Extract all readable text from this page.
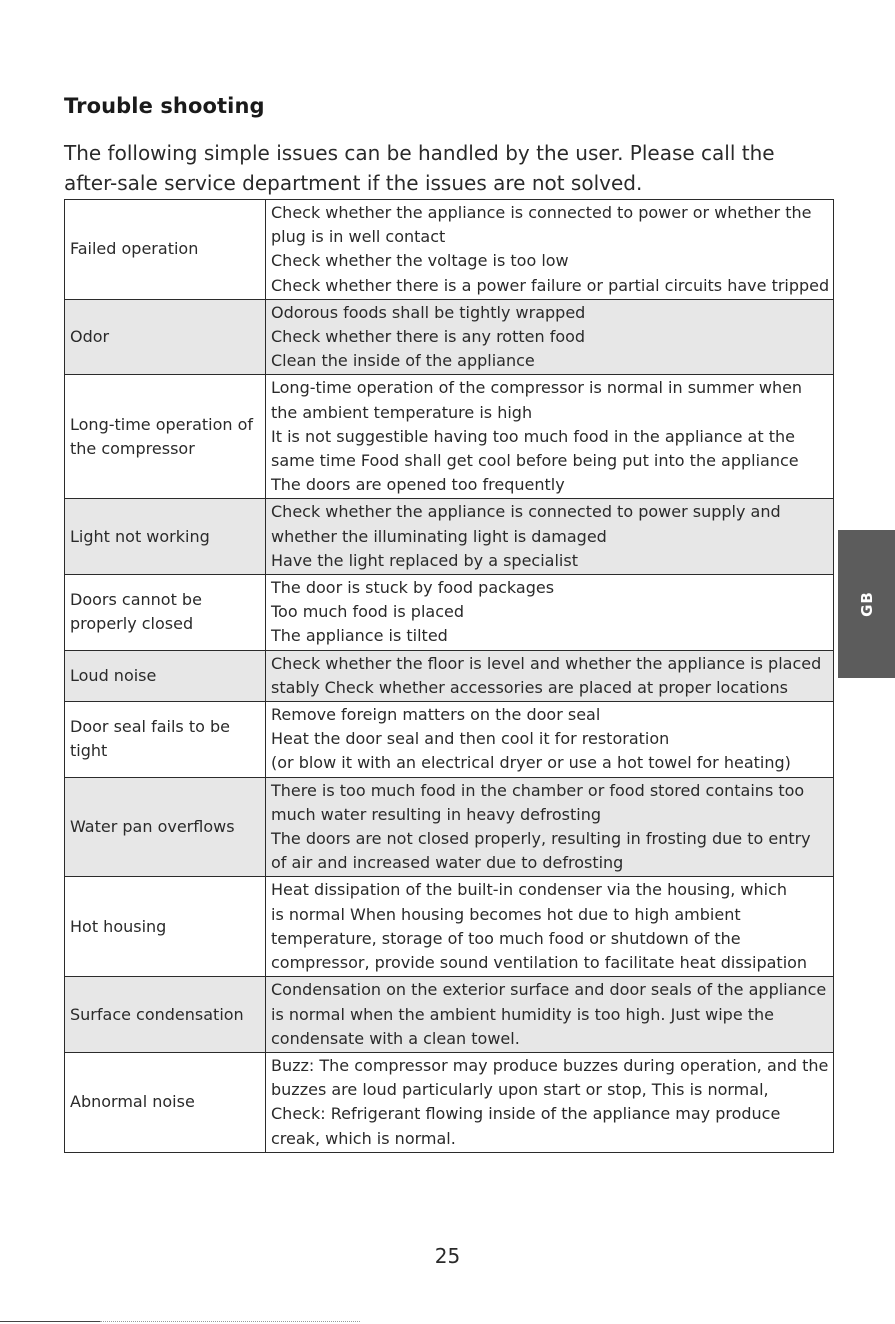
Trouble shooting

The following simple issues can be handled by the user. Please call the after-sale service department if the issues are not solved.

Failed operation	Check whether the appliance is connected to power or whether the
plug is in well contact
Check whether the voltage is too low
Check whether there is a power failure or partial circuits have tripped

Odor	Odorous foods shall be tightly wrapped
Check whether there is any rotten food
Clean the inside of the appliance

Long-time operation of the compressor	Long-time operation of the compressor is normal in summer when
the ambient temperature is high
It is not suggestible having too much food in the appliance at the
same time Food shall get cool before being put into the appliance
The doors are opened too frequently

Light not working	Check whether the appliance is connected to power supply and
whether the illuminating light is damaged
Have the light replaced by a specialist

Doors cannot be properly closed	The door is stuck by food packages
Too much food is placed
The appliance is tilted

Loud noise	Check whether the floor is level and whether the appliance is placed
stably Check whether accessories are placed at proper locations

Door seal fails to be tight	Remove foreign matters on the door seal
Heat the door seal and then cool it for restoration
(or blow it with an electrical dryer or use a hot towel for heating)

Water pan overflows	There is too much food in the chamber or food stored contains too
much water resulting in heavy defrosting
The doors are not closed properly, resulting in frosting due to entry
of air and increased water due to defrosting

Hot housing	Heat dissipation of the built-in condenser via the housing, which
is normal When housing becomes hot due to high ambient
temperature, storage of too much food or shutdown of the
compressor, provide sound ventilation to facilitate heat dissipation

Surface condensation	Condensation on the exterior surface and door seals of the appliance
is normal when the ambient humidity is too high. Just wipe the
condensate with a clean towel.

Abnormal noise	Buzz: The compressor may produce buzzes during operation, and the
buzzes are loud particularly upon start or stop, This is normal,
Check: Refrigerant flowing inside of the appliance may produce
creak, which is normal.
GB
25
